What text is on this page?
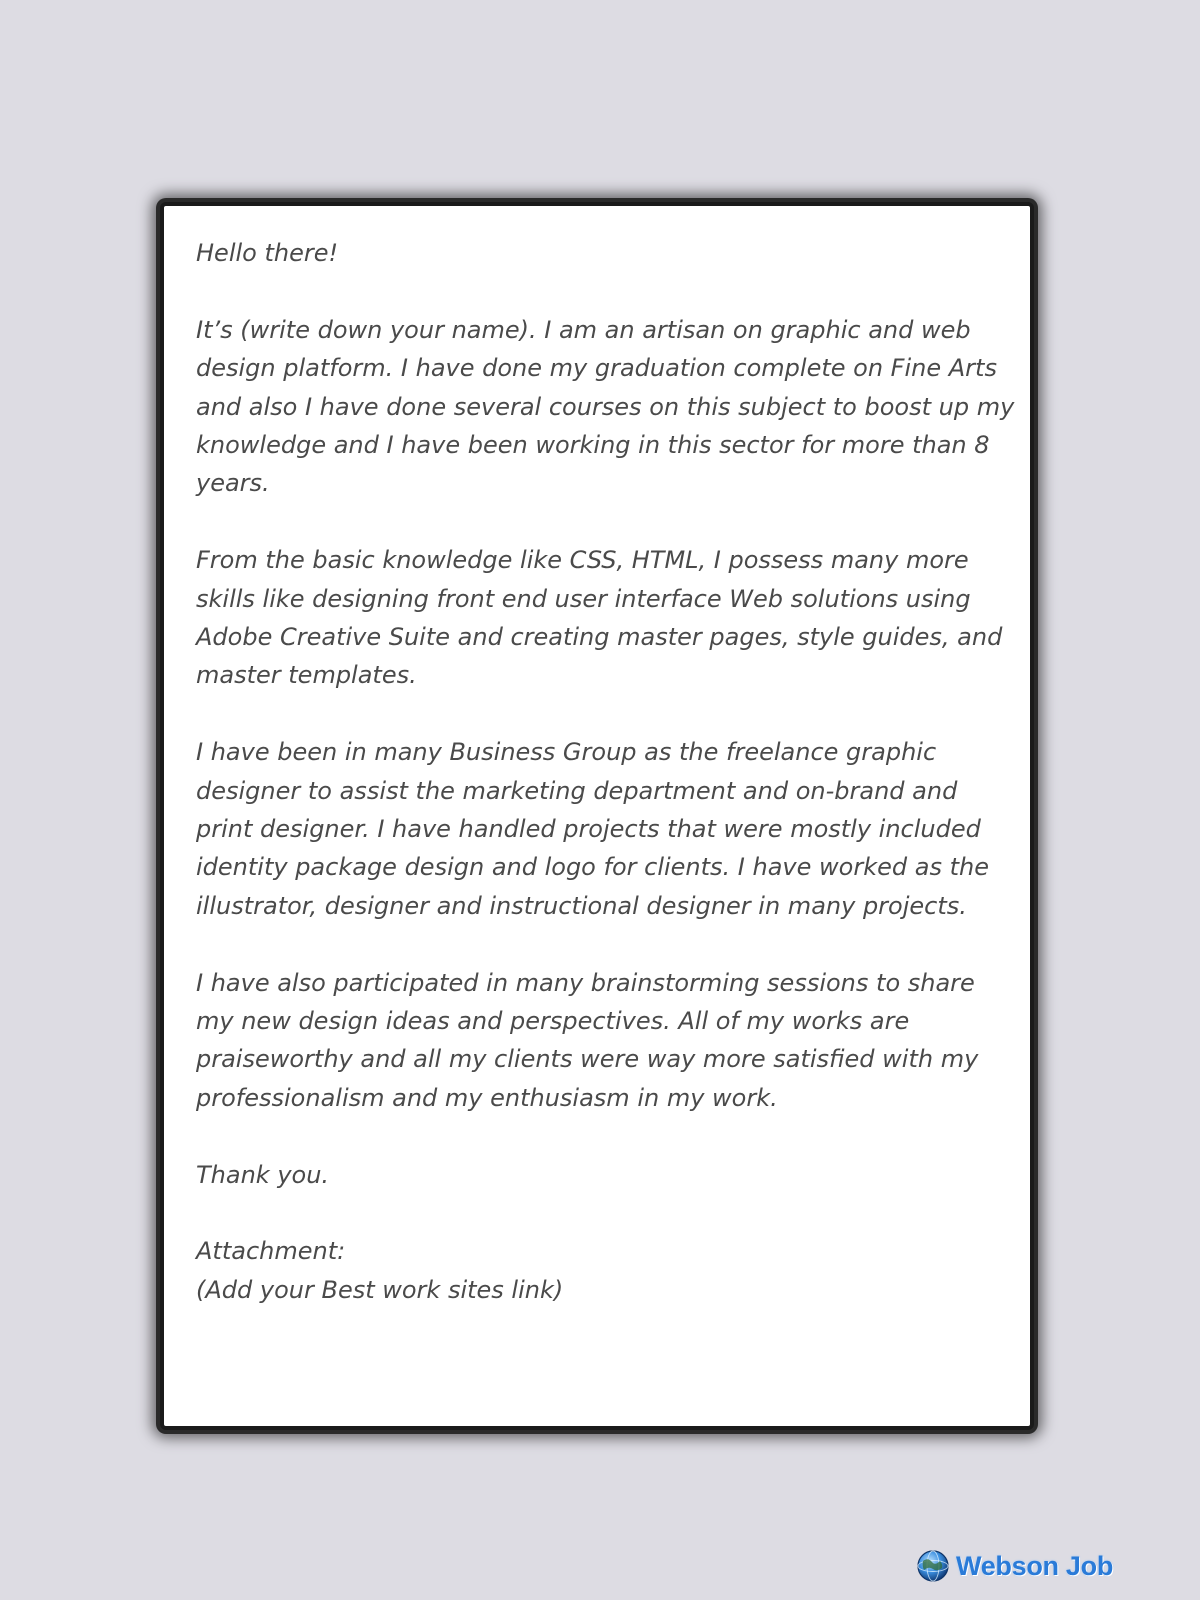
Hello there!

It’s (write down your name). I am an artisan on graphic and web design platform. I have done my graduation complete on Fine Arts and also I have done several courses on this subject to boost up my knowledge and I have been working in this sector for more than 8 years.

From the basic knowledge like CSS, HTML, I possess many more skills like designing front end user interface Web solutions using Adobe Creative Suite and creating master pages, style guides, and master templates.

I have been in many Business Group as the freelance graphic designer to assist the marketing department and on-brand and print designer. I have handled projects that were mostly included identity package design and logo for clients. I have worked as the illustrator, designer and instructional designer in many projects.

I have also participated in many brainstorming sessions to share my new design ideas and perspectives. All of my works are praiseworthy and all my clients were way more satisfied with my professionalism and my enthusiasm in my work.

Thank you.

Attachment:

(Add your Best work sites link)

Webson Job
